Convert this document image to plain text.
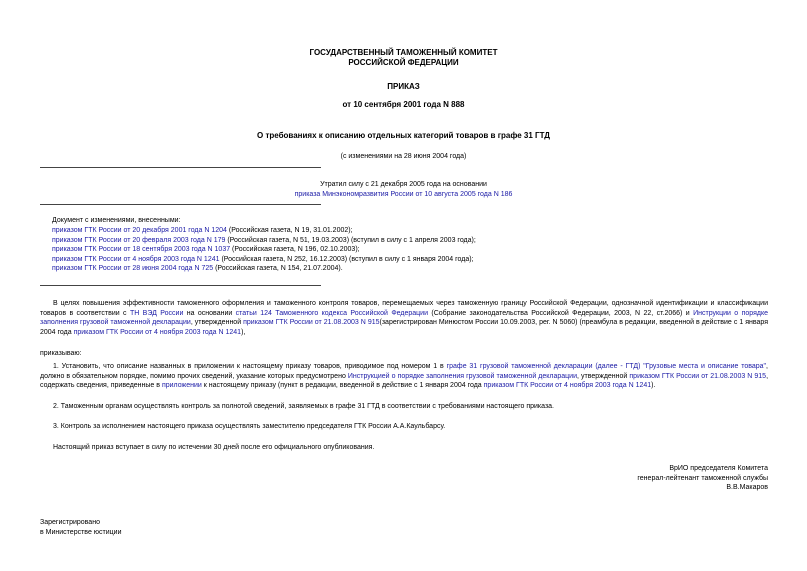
ГОСУДАРСТВЕННЫЙ ТАМОЖЕННЫЙ КОМИТЕТ
РОССИЙСКОЙ ФЕДЕРАЦИИ
ПРИКАЗ
от 10 сентября 2001 года N 888
О требованиях к описанию отдельных категорий товаров в графе 31 ГТД
(с изменениями на 28 июня 2004 года)
Утратил силу с 21 декабря 2005 года на основании
приказа Минэкономразвития России от 10 августа 2005 года N 186
Документ с изменениями, внесенными:
приказом ГТК России от 20 декабря 2001 года N 1204 (Российская газета, N 19, 31.01.2002);
приказом ГТК России от 20 февраля 2003 года N 179 (Российская газета, N 51, 19.03.2003) (вступил в силу с 1 апреля 2003 года);
приказом ГТК России от 18 сентября 2003 года N 1037 (Российская газета, N 196, 02.10.2003);
приказом ГТК России от 4 ноября 2003 года N 1241 (Российская газета, N 252, 16.12.2003) (вступил в силу с 1 января 2004 года);
приказом ГТК России от 28 июня 2004 года N 725 (Российская газета, N 154, 21.07.2004).
В целях повышения эффективности таможенного оформления и таможенного контроля товаров, перемещаемых через таможенную границу Российской Федерации, однозначной идентификации и классификации товаров в соответствии с ТН ВЭД России на основании статьи 124 Таможенного кодекса Российской Федерации (Собрание законодательства Российской Федерации, 2003, N 22, ст.2066) и Инструкции о порядке заполнения грузовой таможенной декларации, утвержденной приказом ГТК России от 21.08.2003 N 915(зарегистрирован Минюстом России 10.09.2003, рег. N 5060) (преамбула в редакции, введенной в действие с 1 января 2004 года приказом ГТК России от 4 ноября 2003 года N 1241),
приказываю:
1. Установить, что описание названных в приложении к настоящему приказу товаров, приводимое под номером 1 в графе 31 грузовой таможенной декларации (далее - ГТД) "Грузовые места и описание товара", должно в обязательном порядке, помимо прочих сведений, указание которых предусмотрено Инструкцией о порядке заполнения грузовой таможенной декларации, утвержденной приказом ГТК России от 21.08.2003 N 915, содержать сведения, приведенные в приложении к настоящему приказу (пункт в редакции, введенной в действие с 1 января 2004 года приказом ГТК России от 4 ноября 2003 года N 1241).
2. Таможенным органам осуществлять контроль за полнотой сведений, заявляемых в графе 31 ГТД в соответствии с требованиями настоящего приказа.
3. Контроль за исполнением настоящего приказа осуществлять заместителю председателя ГТК России А.А.Каульбарсу.
Настоящий приказ вступает в силу по истечении 30 дней после его официального опубликования.
ВрИО председателя Комитета
генерал-лейтенант таможенной службы
В.В.Макаров
Зарегистрировано
в Министерстве юстиции
